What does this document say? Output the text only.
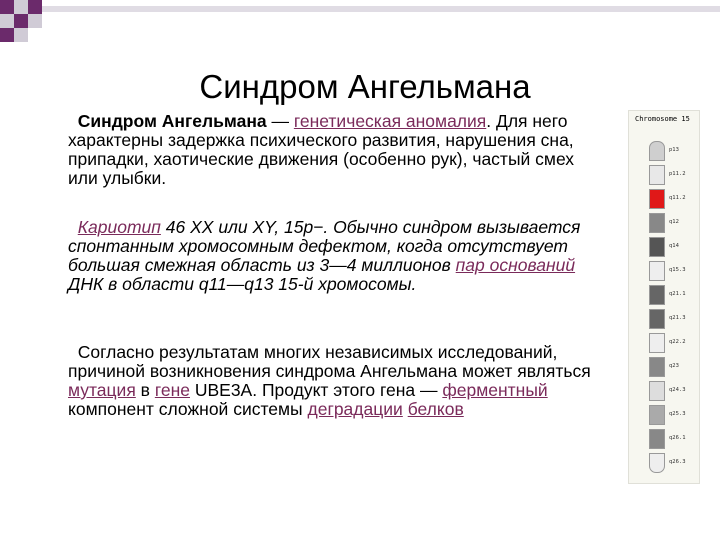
Синдром Ангельмана
Синдром Ангельмана — генетическая аномалия. Для него характерны задержка психического развития, нарушения сна, припадки, хаотические движения (особенно рук), частый смех или улыбки.
Кариотип 46 XX или XY, 15p−. Обычно синдром вызывается спонтанным хромосомным дефектом, когда отсутствует большая смежная область из 3—4 миллионов пар оснований ДНК в области q11—q13 15-й хромосомы.
Согласно результатам многих независимых исследований, причиной возникновения синдрома Ангельмана может являться мутация в гене UBE3A. Продукт этого гена — ферментный компонент сложной системы деградации белков
Chromosome 15
p13
p11.2
q11.2
q12
q14
q15.3
q21.1
q21.3
q22.2
q23
q24.3
q25.3
q26.1
q26.3
